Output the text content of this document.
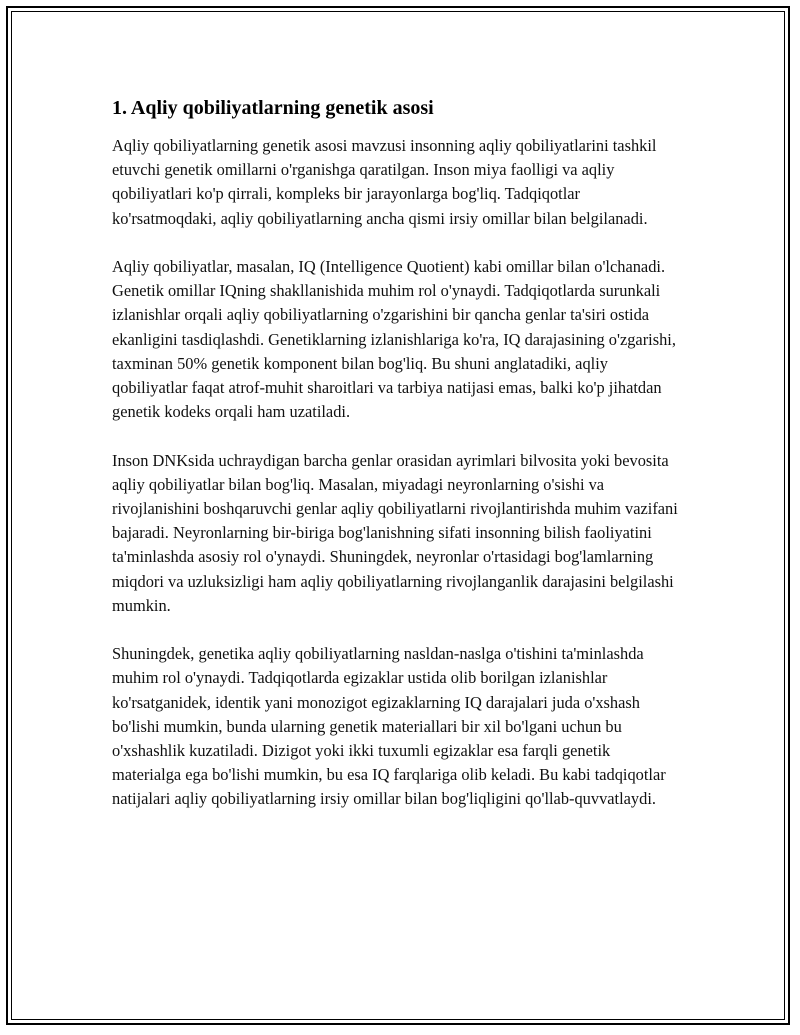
1. Aqliy qobiliyatlarning genetik asosi

Aqliy qobiliyatlarning genetik asosi mavzusi insonning aqliy qobiliyatlarini tashkil etuvchi genetik omillarni o'rganishga qaratilgan. Inson miya faolligi va aqliy qobiliyatlari ko'p qirrali, kompleks bir jarayonlarga bog'liq. Tadqiqotlar ko'rsatmoqdaki, aqliy qobiliyatlarning ancha qismi irsiy omillar bilan belgilanadi.

Aqliy qobiliyatlar, masalan, IQ (Intelligence Quotient) kabi omillar bilan o'lchanadi. Genetik omillar IQning shakllanishida muhim rol o'ynaydi. Tadqiqotlarda surunkali izlanishlar orqali aqliy qobiliyatlarning o'zgarishini bir qancha genlar ta'siri ostida ekanligini tasdiqlashdi. Genetiklarning izlanishlariga ko'ra, IQ darajasining o'zgarishi, taxminan 50% genetik komponent bilan bog'liq. Bu shuni anglatadiki, aqliy qobiliyatlar faqat atrof-muhit sharoitlari va tarbiya natijasi emas, balki ko'p jihatdan genetik kodeks orqali ham uzatiladi.

Inson DNKsida uchraydigan barcha genlar orasidan ayrimlari bilvosita yoki bevosita aqliy qobiliyatlar bilan bog'liq. Masalan, miyadagi neyronlarning o'sishi va rivojlanishini boshqaruvchi genlar aqliy qobiliyatlarni rivojlantirishda muhim vazifani bajaradi. Neyronlarning bir-biriga bog'lanishning sifati insonning bilish faoliyatini ta'minlashda asosiy rol o'ynaydi. Shuningdek, neyronlar o'rtasidagi bog'lamlarning miqdori va uzluksizligi ham aqliy qobiliyatlarning rivojlanganlik darajasini belgilashi mumkin.

Shuningdek, genetika aqliy qobiliyatlarning nasldan-naslga o'tishini ta'minlashda muhim rol o'ynaydi. Tadqiqotlarda egizaklar ustida olib borilgan izlanishlar ko'rsatganidek, identik yani monozigot egizaklarning IQ darajalari juda o'xshash bo'lishi mumkin, bunda ularning genetik materiallari bir xil bo'lgani uchun bu o'xshashlik kuzatiladi. Dizigot yoki ikki tuxumli egizaklar esa farqli genetik materialga ega bo'lishi mumkin, bu esa IQ farqlariga olib keladi. Bu kabi tadqiqotlar natijalari aqliy qobiliyatlarning irsiy omillar bilan bog'liqligini qo'llab-quvvatlaydi.
